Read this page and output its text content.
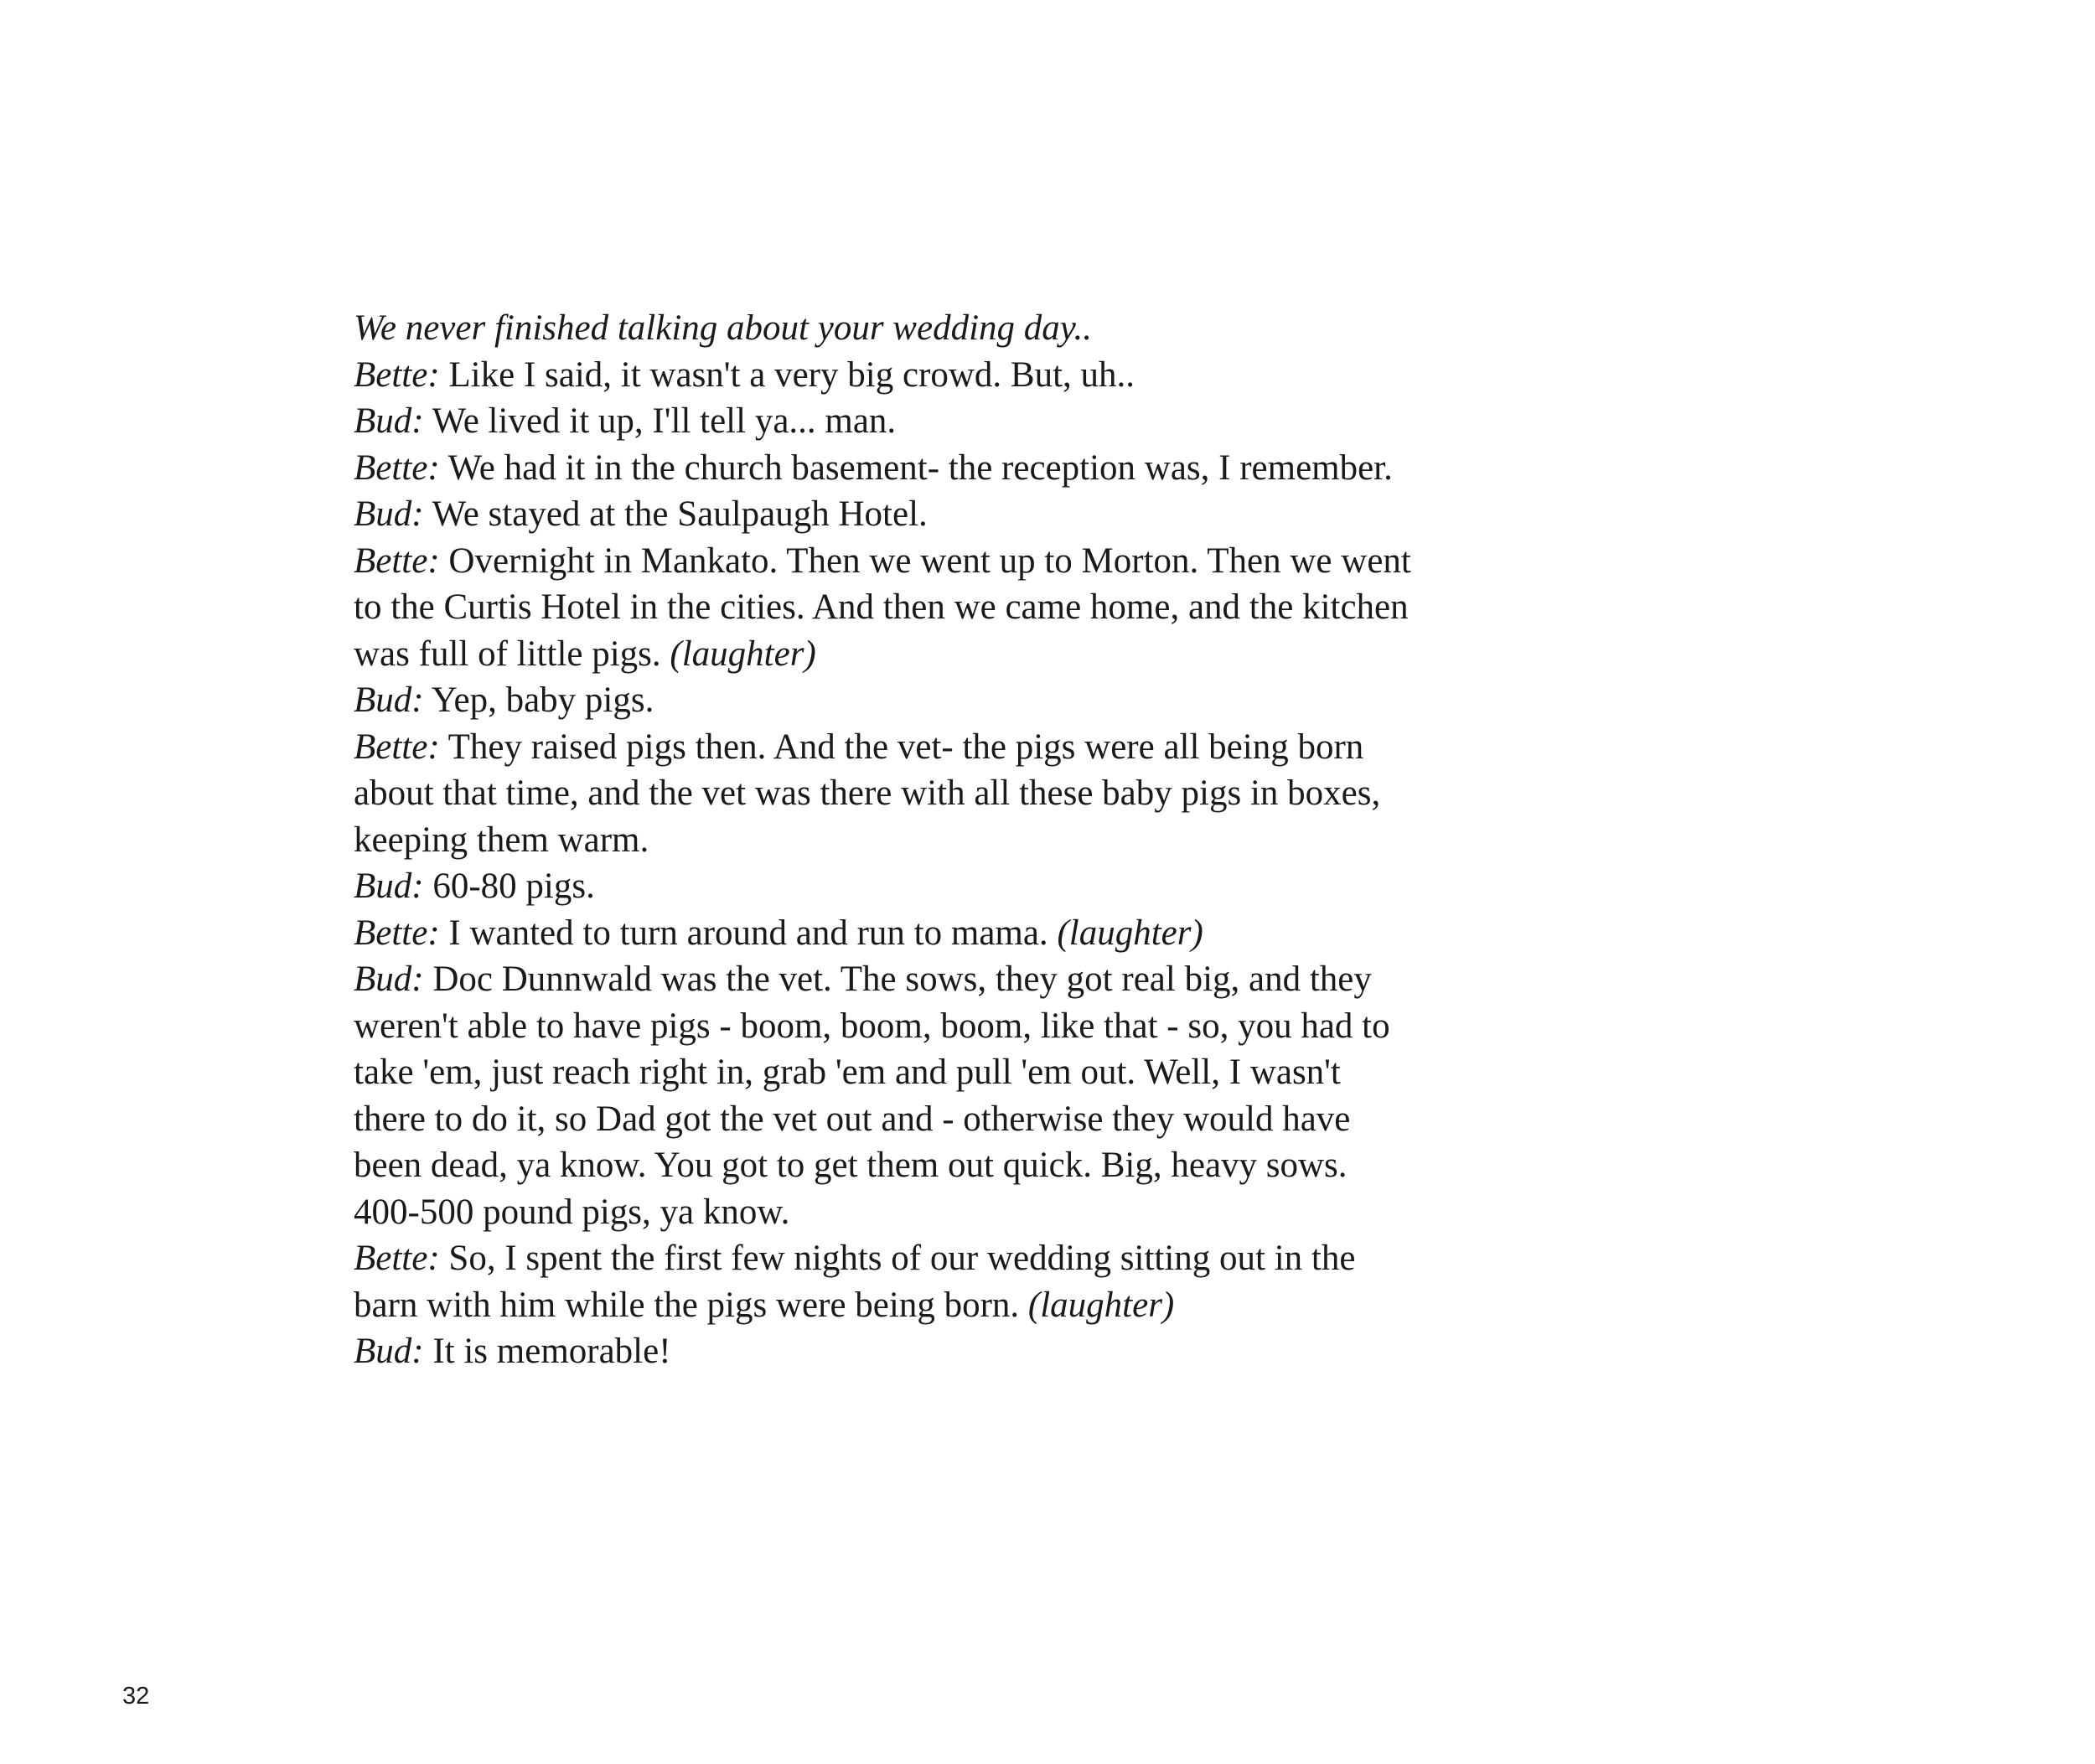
We never finished talking about your wedding day..

Bette: Like I said, it wasn't a very big crowd. But, uh..

Bud: We lived it up, I'll tell ya... man.

Bette: We had it in the church basement- the reception was, I remember.

Bud: We stayed at the Saulpaugh Hotel.

Bette: Overnight in Mankato. Then we went up to Morton. Then we went
to the Curtis Hotel in the cities. And then we came home, and the kitchen
was full of little pigs. (laughter)

Bud: Yep, baby pigs.

Bette: They raised pigs then. And the vet- the pigs were all being born
about that time, and the vet was there with all these baby pigs in boxes,
keeping them warm.

Bud: 60-80 pigs.

Bette: I wanted to turn around and run to mama. (laughter)

Bud: Doc Dunnwald was the vet. The sows, they got real big, and they
weren't able to have pigs - boom, boom, boom, like that - so, you had to
take 'em, just reach right in, grab 'em and pull 'em out. Well, I wasn't
there to do it, so Dad got the vet out and - otherwise they would have
been dead, ya know. You got to get them out quick. Big, heavy sows.
400-500 pound pigs, ya know.

Bette: So, I spent the first few nights of our wedding sitting out in the
barn with him while the pigs were being born. (laughter)

Bud: It is memorable!

32
